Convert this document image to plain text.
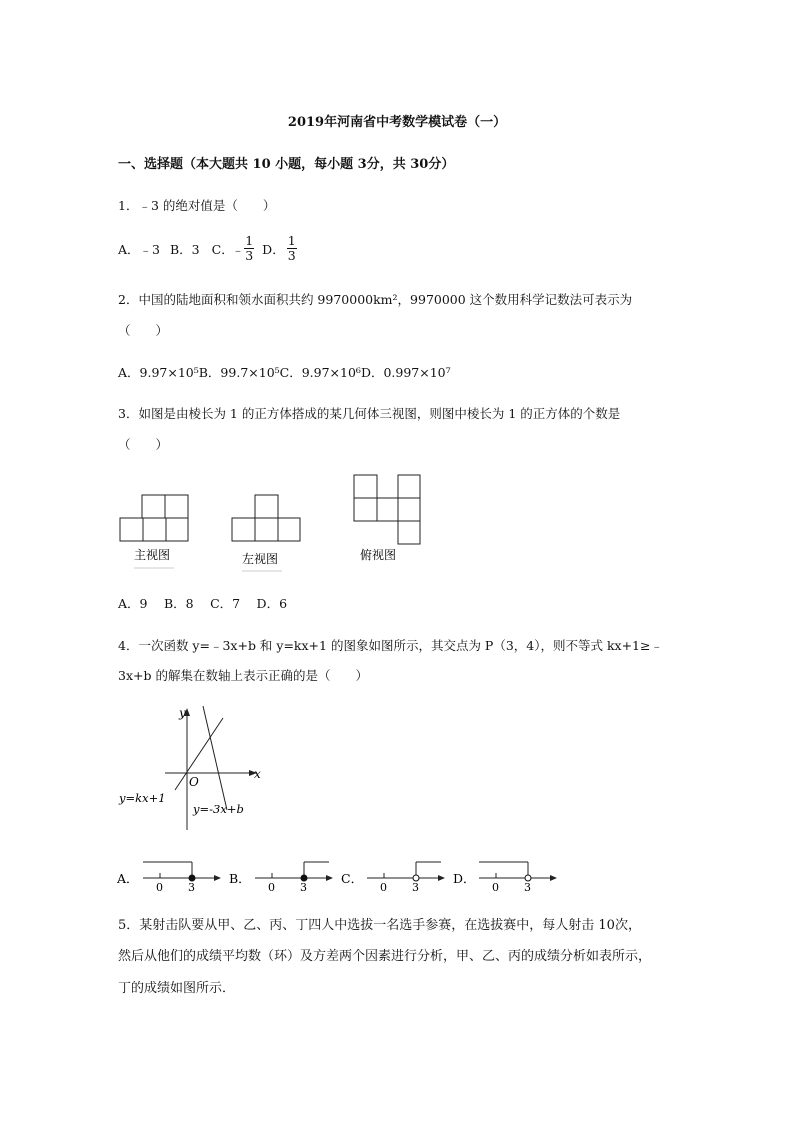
2019年河南省中考数学模试卷（一）
一、选择题（本大题共 10 小题，每小题 3分，共 30分）
1．﹣3 的绝对值是（　　）
A．﹣3 B．3 C．
﹣ $\frac{1}{3}$ D． $\frac{1}{3}$
2．中国的陆地面积和领水面积共约 9970000km²，9970000 这个数用科学记数法可表示为
（　　）
A．9.97×10⁵B．99.7×10⁵C．9.97×10⁶D．0.997×10⁷
3．如图是由棱长为 1 的正方体搭成的某几何体三视图，则图中棱长为 1 的正方体的个数是
（　　）
主视图	左视图	俯视图
A．9　 B．8　 C．7　 D．6
4．一次函数 y=﹣3x+b 和 y=kx+1 的图象如图所示，其交点为 P（3，4），则不等式 kx+1≥﹣
3x+b 的解集在数轴上表示正确的是（　　）
y
x
O
y=kx+1
y=-3x+b
A．
0 3
B．
0 3
C．
0 3
D．
0 3
5．某射击队要从甲、乙、丙、丁四人中选拔一名选手参赛，在选拔赛中，每人射击 10次，
然后从他们的成绩平均数（环）及方差两个因素进行分析，甲、乙、丙的成绩分析如表所示，
丁的成绩如图所示．
